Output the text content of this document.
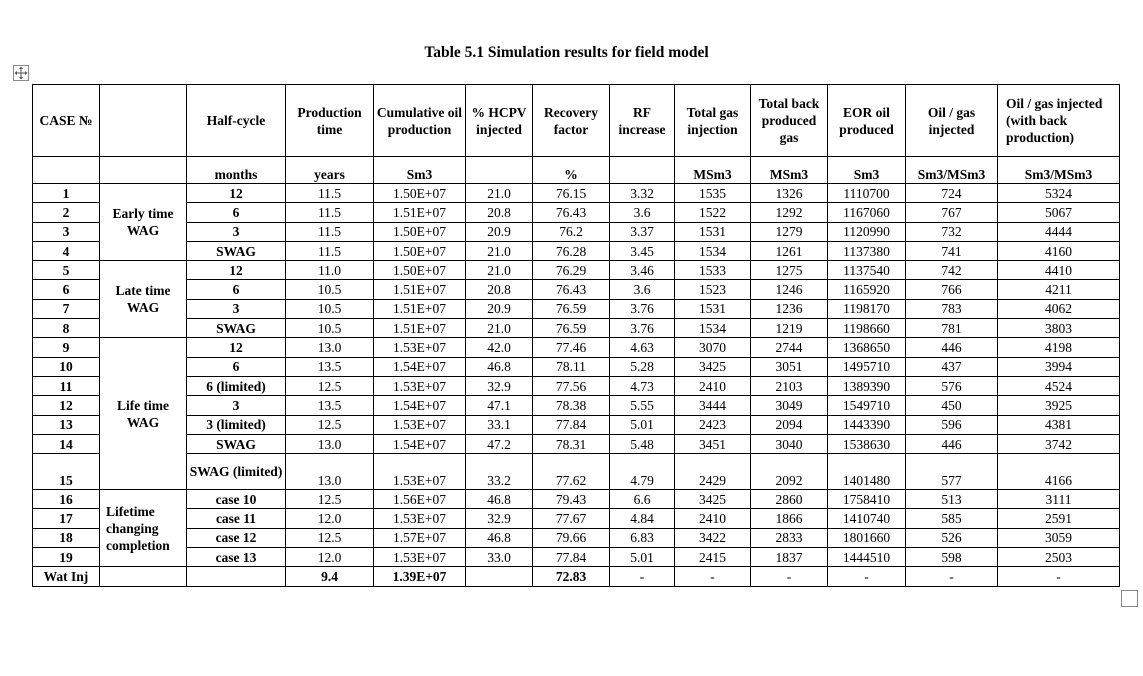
Table 5.1 Simulation results for field model
CASE №		Half-cycle	Production time	Cumulative oil production	% HCPV injected	Recovery factor	RF increase	Total gas injection	Total back produced gas	EOR oil produced	Oil / gas injected	Oil / gas injected (with back production)
		months	years	Sm3		%		MSm3	MSm3	Sm3	Sm3/MSm3	Sm3/MSm3
1	Early time WAG	12	11.5	1.50E+07	21.0	76.15	3.32	1535	1326	1110700	724	5324
2		6	11.5	1.51E+07	20.8	76.43	3.6	1522	1292	1167060	767	5067
3		3	11.5	1.50E+07	20.9	76.2	3.37	1531	1279	1120990	732	4444
4		SWAG	11.5	1.50E+07	21.0	76.28	3.45	1534	1261	1137380	741	4160
5	Late time WAG	12	11.0	1.50E+07	21.0	76.29	3.46	1533	1275	1137540	742	4410
6		6	10.5	1.51E+07	20.8	76.43	3.6	1523	1246	1165920	766	4211
7		3	10.5	1.51E+07	20.9	76.59	3.76	1531	1236	1198170	783	4062
8		SWAG	10.5	1.51E+07	21.0	76.59	3.76	1534	1219	1198660	781	3803
9	Life time WAG	12	13.0	1.53E+07	42.0	77.46	4.63	3070	2744	1368650	446	4198
10		6	13.5	1.54E+07	46.8	78.11	5.28	3425	3051	1495710	437	3994
11		6 (limited)	12.5	1.53E+07	32.9	77.56	4.73	2410	2103	1389390	576	4524
12		3	13.5	1.54E+07	47.1	78.38	5.55	3444	3049	1549710	450	3925
13		3 (limited)	12.5	1.53E+07	33.1	77.84	5.01	2423	2094	1443390	596	4381
14		SWAG	13.0	1.54E+07	47.2	78.31	5.48	3451	3040	1538630	446	3742
15		SWAG (limited)	13.0	1.53E+07	33.2	77.62	4.79	2429	2092	1401480	577	4166
16	Lifetime changing completion	case 10	12.5	1.56E+07	46.8	79.43	6.6	3425	2860	1758410	513	3111
17		case 11	12.0	1.53E+07	32.9	77.67	4.84	2410	1866	1410740	585	2591
18		case 12	12.5	1.57E+07	46.8	79.66	6.83	3422	2833	1801660	526	3059
19		case 13	12.0	1.53E+07	33.0	77.84	5.01	2415	1837	1444510	598	2503
Wat Inj			9.4	1.39E+07		72.83	-	-	-	-	-	-
